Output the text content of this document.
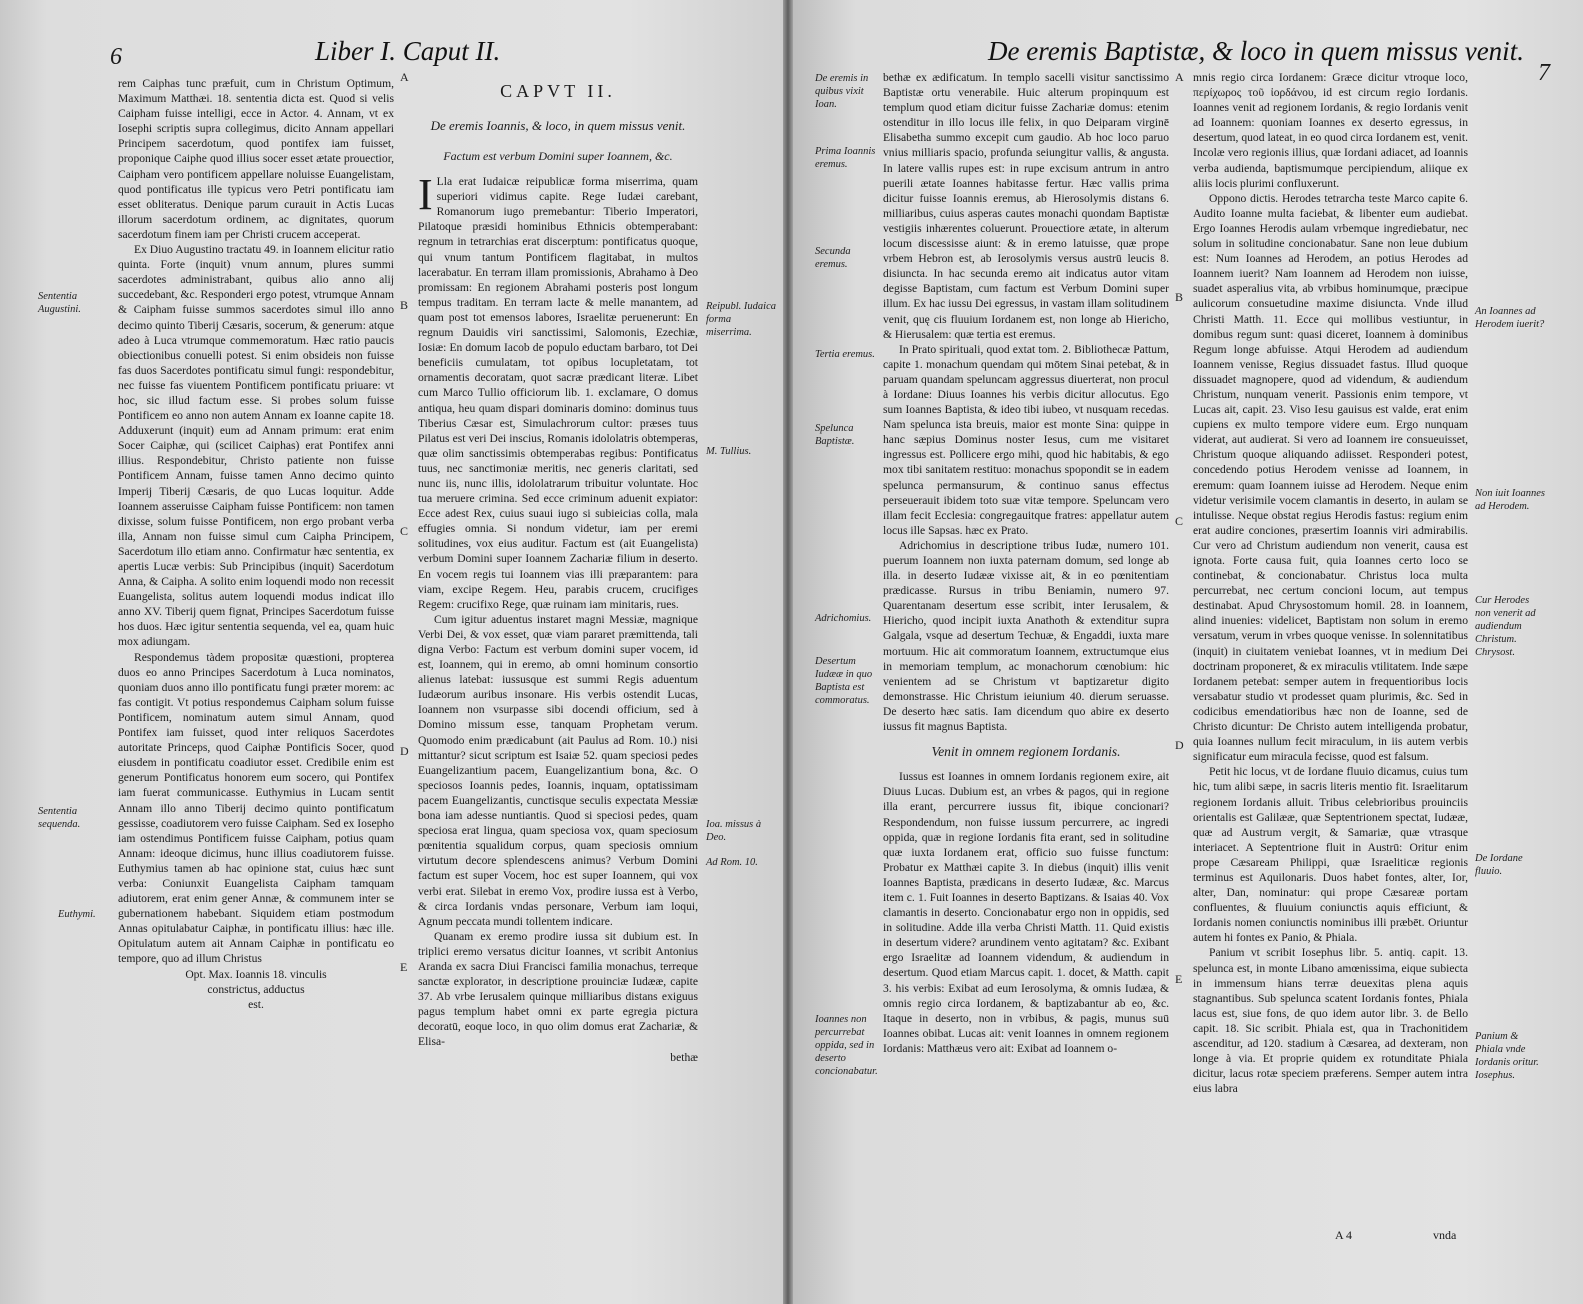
6	Liber I. Caput II.

rem Caiphas tunc præfuit, cum in Christum Optimum, Maximum Matthæi. 18. sententia dicta est. Quod si velis Caipham fuisse intelligi, ecce in Actor. 4. Annam, vt ex Iosephi scriptis supra collegimus, dicito Annam appellari Principem sacerdotum, quod pontifex iam fuisset, proponique Caiphe quod illius socer esset ætate prouectior, Caipham vero pontificem appellare noluisse Euangelistam, quod pontificatus ille typicus vero Petri pontificatu iam esset obliteratus. Denique parum curauit in Actis Lucas illorum sacerdotum ordinem, ac dignitates, quorum sacerdotum finem iam per Christi crucem acceperat.

Ex Diuo Augustino tractatu 49. in Ioannem elicitur ratio quinta. Forte (inquit) vnum annum, plures summi sacerdotes administrabant, quibus alio anno alij succedebant, &c. Responderi ergo potest, vtrumque Annam & Caipham fuisse summos sacerdotes simul illo anno decimo quinto Tiberij Cæsaris, socerum, & generum: atque adeo à Luca vtrumque commemoratum. Hæc ratio paucis obiectionibus conuelli potest. Si enim obsideis non fuisse fas duos Sacerdotes pontificatu simul fungi: respondebitur, nec fuisse fas viuentem Pontificem pontificatu priuare: vt hoc, sic illud factum esse. Si probes solum fuisse Pontificem eo anno non autem Annam ex Ioanne capite 18. Adduxerunt (inquit) eum ad Annam primum: erat enim Socer Caiphæ, qui (scilicet Caiphas) erat Pontifex anni illius. Respondebitur, Christo patiente non fuisse Pontificem Annam, fuisse tamen Anno decimo quinto Imperij Tiberij Cæsaris, de quo Lucas loquitur. Adde Ioannem asseruisse Caipham fuisse Pontificem: non tamen dixisse, solum fuisse Pontificem, non ergo probant verba illa, Annam non fuisse simul cum Caipha Principem, Sacerdotum illo etiam anno. Confirmatur hæc sententia, ex apertis Lucæ verbis: Sub Principibus (inquit) Sacerdotum Anna, & Caipha. A solito enim loquendi modo non recessit Euangelista, solitus autem loquendi modus indicat illo anno XV. Tiberij quem fignat, Principes Sacerdotum fuisse hos duos. Hæc igitur sententia sequenda, vel ea, quam huic mox adiungam.

Respondemus tàdem propositæ quæstioni, propterea duos eo anno Principes Sacerdotum à Luca nominatos, quoniam duos anno illo pontificatu fungi præter morem: ac fas contigit. Vt potius respondemus Caipham solum fuisse Pontificem, nominatum autem simul Annam, quod Pontifex iam fuisset, quod inter reliquos Sacerdotes autoritate Princeps, quod Caiphæ Pontificis Socer, quod eiusdem in pontificatu coadiutor esset. Credibile enim est generum Pontificatus honorem eum socero, qui Pontifex iam fuerat communicasse. Euthymius in Lucam sentit Annam illo anno Tiberij decimo quinto pontificatum gessisse, coadiutorem vero fuisse Caipham. Sed ex Iosepho iam ostendimus Pontificem fuisse Caipham, potius quam Annam: ideoque dicimus, hunc illius coadiutorem fuisse. Euthymius tamen ab hac opinione stat, cuius hæc sunt verba: Coniunxit Euangelista Caipham tamquam adiutorem, erat enim gener Annæ, & communem inter se gubernationem habebant. Siquidem etiam postmodum Annas opitulabatur Caiphæ, in pontificatu illius: hæc ille. Opitulatum autem ait Annam Caiphæ in pontificatu eo tempore, quo ad illum Christus

Opt. Max. Ioannis 18. vinculis

constrictus, adductus

est.

CAPVT II.
De eremis Ioannis, & loco, in quem missus venit.
Factum est verbum Domini super Ioannem, &c.

I Lla erat Iudaicæ reipublicæ forma miserrima, quam superiori vidimus capite. Rege Iudæi carebant, Romanorum iugo premebantur: Tiberio Imperatori, Pilatoque præsidi hominibus Ethnicis obtemperabant: regnum in tetrarchias erat discerptum: pontificatus quoque, qui vnum tantum Pontificem flagitabat, in multos lacerabatur. En terram illam promissionis, Abrahamo à Deo promissam: En regionem Abrahami posteris post longum tempus traditam. En terram lacte & melle manantem, ad quam post tot emensos labores, Israelitæ peruenerunt: En regnum Dauidis viri sanctissimi, Salomonis, Ezechiæ, Iosiæ: En domum Iacob de populo eductam barbaro, tot Dei beneficiis cumulatam, tot opibus locupletatam, tot ornamentis decoratam, quot sacræ prædicant literæ. Libet cum Marco Tullio officiorum lib. 1. exclamare, O domus antiqua, heu quam dispari dominaris domino: dominus tuus Tiberius Cæsar est, Simulachrorum cultor: præses tuus Pilatus est veri Dei inscius, Romanis idololatris obtemperas, quæ olim sanctissimis obtemperabas regibus: Pontificatus tuus, nec sanctimoniæ meritis, nec generis claritati, sed nunc iis, nunc illis, idololatrarum tribuitur voluntate. Hoc tua meruere crimina. Sed ecce criminum aduenit expiator: Ecce adest Rex, cuius suaui iugo si subieicias colla, mala effugies omnia. Si nondum videtur, iam per eremi solitudines, vox eius auditur. Factum est (ait Euangelista) verbum Domini super Ioannem Zachariæ filium in deserto. En vocem regis tui Ioannem vias illi præparantem: para viam, excipe Regem. Heu, parabis crucem, crucifiges Regem: crucifixo Rege, quæ ruinam iam minitaris, rues.

Cum igitur aduentus instaret magni Messiæ, magnique Verbi Dei, & vox esset, quæ viam pararet præmittenda, tali digna Verbo: Factum est verbum domini super vocem, id est, Ioannem, qui in eremo, ab omni hominum consortio alienus latebat: iussusque est summi Regis aduentum Iudæorum auribus insonare. His verbis ostendit Lucas, Ioannem non vsurpasse sibi docendi officium, sed à Domino missum esse, tanquam Prophetam verum. Quomodo enim prædicabunt (ait Paulus ad Rom. 10.) nisi mittantur? sicut scriptum est Isaiæ 52. quam speciosi pedes Euangelizantium pacem, Euangelizantium bona, &c. O speciosos Ioannis pedes, Ioannis, inquam, optatissimam pacem Euangelizantis, cunctisque seculis expectata Messiæ bona iam adesse nuntiantis. Quod si speciosi pedes, quam speciosa erat lingua, quam speciosa vox, quam speciosum pœnitentia squalidum corpus, quam speciosis omnium virtutum decore splendescens animus? Verbum Domini factum est super Vocem, hoc est super Ioannem, qui vox verbi erat. Silebat in eremo Vox, prodire iussa est à Verbo, & circa Iordanis vndas personare, Verbum iam loqui, Agnum peccata mundi tollentem indicare.

Quanam ex eremo prodire iussa sit dubium est. In triplici eremo versatus dicitur Ioannes, vt scribit Antonius Aranda ex sacra Diui Francisci familia monachus, terreque sanctæ explorator, in descriptione prouinciæ Iudææ, capite 37. Ab vrbe Ierusalem quinque milliaribus distans exiguus pagus templum habet omni ex parte egregia pictura decoratū, eoque loco, in quo olim domus erat Zachariæ, & Elisa-

bethæ

Sententia Augustini.
Sententia sequenda.
Euthymi.
Reipubl. Iudaica forma miserrima.
M. Tullius.
Ioa. missus à Deo.
Ad Rom. 10.
A
B
C
D
E
De eremis Baptistæ, & loco in quem missus venit.
7

bethæ ex ædificatum. In templo sacelli visitur sanctissimo Baptistæ ortu venerabile. Huic alterum propinquum est templum quod etiam dicitur fuisse Zachariæ domus: etenim ostenditur in illo locus ille felix, in quo Deiparam virginē Elisabetha summo excepit cum gaudio. Ab hoc loco paruo vnius milliaris spacio, profunda seiungitur vallis, & angusta. In latere vallis rupes est: in rupe excisum antrum in antro puerili ætate Ioannes habitasse fertur. Hæc vallis prima dicitur fuisse Ioannis eremus, ab Hierosolymis distans 6. milliaribus, cuius asperas cautes monachi quondam Baptistæ vestigiis inhærentes coluerunt. Prouectiore ætate, in alterum locum discessisse aiunt: & in eremo latuisse, quæ prope vrbem Hebron est, ab Ierosolymis versus austrū leucis 8. disiuncta. In hac secunda eremo ait indicatus autor vitam degisse Baptistam, cum factum est Verbum Domini super illum. Ex hac iussu Dei egressus, in vastam illam solitudinem venit, quę cis fluuium Iordanem est, non longe ab Hiericho, & Hierusalem: quæ tertia est eremus.

In Prato spirituali, quod extat tom. 2. Bibliothecæ Pattum, capite 1. monachum quendam qui mōtem Sinai petebat, & in paruam quandam speluncam aggressus diuerterat, non procul à Iordane: Diuus Ioannes his verbis dicitur allocutus. Ego sum Ioannes Baptista, & ideo tibi iubeo, vt nusquam recedas. Nam spelunca ista breuis, maior est monte Sina: quippe in hanc sæpius Dominus noster Iesus, cum me visitaret ingressus est. Pollicere ergo mihi, quod hic habitabis, & ego mox tibi sanitatem restituo: monachus spopondit se in eadem spelunca permansurum, & continuo sanus effectus perseuerauit ibidem toto suæ vitæ tempore. Speluncam vero illam fecit Ecclesia: congregauitque fratres: appellatur autem locus ille Sapsas. hæc ex Prato.

Adrichomius in descriptione tribus Iudæ, numero 101. puerum Ioannem non iuxta paternam domum, sed longe ab illa. in deserto Iudææ vixisse ait, & in eo pœnitentiam prædicasse. Rursus in tribu Beniamin, numero 97. Quarentanam desertum esse scribit, inter Ierusalem, & Hiericho, quod incipit iuxta Anathoth & extenditur supra Galgala, vsque ad desertum Techuæ, & Engaddi, iuxta mare mortuum. Hic ait commoratum Ioannem, extructumque eius in memoriam templum, ac monachorum cœnobium: hic venientem ad se Christum vt baptizaretur digito demonstrasse. Hic Christum ieiunium 40. dierum seruasse. De deserto hæc satis. Iam dicendum quo abire ex deserto iussus fit magnus Baptista.

Venit in omnem regionem Iordanis.

Iussus est Ioannes in omnem Iordanis regionem exire, ait Diuus Lucas. Dubium est, an vrbes & pagos, qui in regione illa erant, percurrere iussus fit, ibique concionari? Respondendum, non fuisse iussum percurrere, ac ingredi oppida, quæ in regione Iordanis fita erant, sed in solitudine quæ iuxta Iordanem erat, officio suo fuisse functum: Probatur ex Matthæi capite 3. In diebus (inquit) illis venit Ioannes Baptista, prædicans in deserto Iudææ, &c. Marcus item c. 1. Fuit Ioannes in deserto Baptizans. & Isaias 40. Vox clamantis in deserto. Concionabatur ergo non in oppidis, sed in solitudine. Adde illa verba Christi Matth. 11. Quid existis in desertum videre? arundinem vento agitatam? &c. Exibant ergo Israelitæ ad Ioannem videndum, & audiendum in desertum. Quod etiam Marcus capit. 1. docet, & Matth. capit 3. his verbis: Exibat ad eum Ierosolyma, & omnis Iudæa, & omnis regio circa Iordanem, & baptizabantur ab eo, &c. Itaque in deserto, non in vrbibus, & pagis, munus suū Ioannes obibat. Lucas ait: venit Ioannes in omnem regionem Iordanis: Matthæus vero ait: Exibat ad Ioannem o-

mnis regio circa Iordanem: Græce dicitur vtroque loco, περίχωρος τοῦ ἰορδάνου, id est circum regio Iordanis. Ioannes venit ad regionem Iordanis, & regio Iordanis venit ad Ioannem: quoniam Ioannes ex deserto egressus, in desertum, quod lateat, in eo quod circa Iordanem est, venit. Incolæ vero regionis illius, quæ Iordani adiacet, ad Ioannis verba audienda, baptismumque percipiendum, aliique ex aliis locis plurimi confluxerunt.

Oppono dictis. Herodes tetrarcha teste Marco capite 6. Audito Ioanne multa faciebat, & libenter eum audiebat. Ergo Ioannes Herodis aulam vrbemque ingrediebatur, nec solum in solitudine concionabatur. Sane non leue dubium est: Num Ioannes ad Herodem, an potius Herodes ad Ioannem iuerit? Nam Ioannem ad Herodem non iuisse, suadet asperalius vita, ab vrbibus hominumque, præcipue aulicorum consuetudine maxime disiuncta. Vnde illud Christi Matth. 11. Ecce qui mollibus vestiuntur, in domibus regum sunt: quasi diceret, Ioannem à dominibus Regum longe abfuisse. Atqui Herodem ad audiendum Ioannem venisse, Regius dissuadet fastus. Illud quoque dissuadet magnopere, quod ad videndum, & audiendum Christum, nunquam venerit. Passionis enim tempore, vt Lucas ait, capit. 23. Viso Iesu gauisus est valde, erat enim cupiens ex multo tempore videre eum. Ergo nunquam viderat, aut audierat. Si vero ad Ioannem ire consueuisset, Christum quoque aliquando adiisset. Responderi potest, concedendo potius Herodem venisse ad Ioannem, in eremum: quam Ioannem iuisse ad Herodem. Neque enim videtur verisimile vocem clamantis in deserto, in aulam se intulisse. Neque obstat regius Herodis fastus: regium enim erat audire conciones, præsertim Ioannis viri admirabilis. Cur vero ad Christum audiendum non venerit, causa est ignota. Forte causa fuit, quia Ioannes certo loco se continebat, & concionabatur. Christus loca multa percurrebat, nec certum concioni locum, aut tempus destinabat. Apud Chrysostomum homil. 28. in Ioannem, alind inuenies: videlicet, Baptistam non solum in eremo versatum, verum in vrbes quoque venisse. In solennitatibus (inquit) in ciuitatem veniebat Ioannes, vt in medium Dei doctrinam proponeret, & ex miraculis vtilitatem. Inde sæpe Iordanem petebat: semper autem in frequentioribus locis versabatur studio vt prodesset quam plurimis, &c. Sed in codicibus emendatioribus hæc non de Ioanne, sed de Christo dicuntur: De Christo autem intelligenda probatur, quia Ioannes nullum fecit miraculum, in iis autem verbis significatur eum miracula fecisse, quod est falsum.

Petit hic locus, vt de Iordane fluuio dicamus, cuius tum hic, tum alibi sæpe, in sacris literis mentio fit. Israelitarum regionem Iordanis alluit. Tribus celebrioribus prouinciis orientalis est Galilææ, quæ Septentrionem spectat, Iudææ, quæ ad Austrum vergit, & Samariæ, quæ vtrasque interiacet. A Septentrione fluit in Austrū: Oritur enim prope Cæsaream Philippi, quæ Israeliticæ regionis terminus est Aquilonaris. Duos habet fontes, alter, Ior, alter, Dan, nominatur: qui prope Cæsareæ portam confluentes, & fluuium coniunctis aquis efficiunt, & Iordanis nomen coniunctis nominibus illi præbēt. Oriuntur autem hi fontes ex Panio, & Phiala.

Panium vt scribit Iosephus libr. 5. antiq. capit. 13. spelunca est, in monte Libano amœnissima, eique subiecta in immensum hians terræ deuexitas plena aquis stagnantibus. Sub spelunca scatent Iordanis fontes, Phiala lacus est, siue fons, de quo idem autor libr. 3. de Bello capit. 18. Sic scribit. Phiala est, qua in Trachonitidem ascenditur, ad 120. stadium à Cæsarea, ad dexteram, non longe à via. Et proprie quidem ex rotunditate Phiala dicitur, lacus rotæ speciem præferens. Semper autem intra eius labra

A 4	vnda
De eremis in quibus vixit Ioan.
Prima Ioannis eremus.
Secunda eremus.
Tertia eremus.
Spelunca Baptistæ.
Adrichomius.
Desertum Iudææ in quo Baptista est commoratus.
Ioannes non percurrebat oppida, sed in deserto concionabatur.
An Ioannes ad Herodem iuerit?
Non iuit Ioannes ad Herodem.
Cur Herodes non venerit ad audiendum Christum. Chrysost.
De Iordane fluuio.
Panium & Phiala vnde Iordanis oritur. Iosephus.
A
B
C
D
E
